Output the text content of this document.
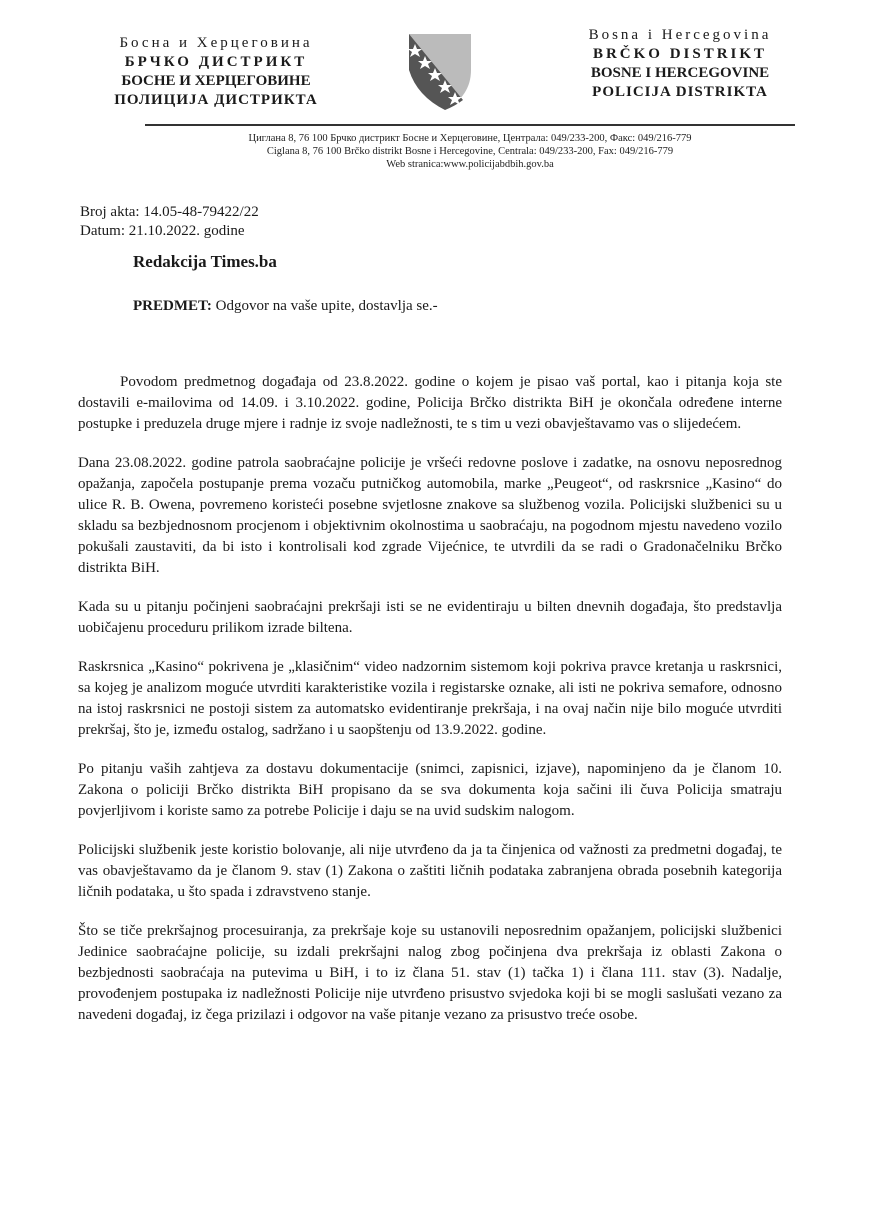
Босна и Херцеговина
БРЧКО ДИСТРИКТ
БОСНЕ И ХЕРЦЕГОВИНЕ
ПОЛИЦИЈА ДИСТРИКТА
Bosna i Hercegovina
BRČKO DISTRIKT
BOSNE I HERCEGOVINE
POLICIJA DISTRIKTA
Циглана 8, 76 100 Брчко дистрикт Босне и Херцеговине, Централа: 049/233-200, Факс: 049/216-779
Ciglana 8, 76 100 Brčko distrikt Bosne i Hercegovine, Centrala: 049/233-200, Fax: 049/216-779
Web stranica:www.policijabdbih.gov.ba
Broj akta: 14.05-48-79422/22
Datum: 21.10.2022. godine
Redakcija Times.ba
PREDMET: Odgovor na vaše upite, dostavlja se.-

Povodom predmetnog događaja od 23.8.2022. godine o kojem je pisao vaš portal, kao i pitanja koja ste dostavili e-mailovima od 14.09. i 3.10.2022. godine, Policija Brčko distrikta BiH je okončala određene interne postupke i preduzela druge mjere i radnje iz svoje nadležnosti, te s tim u vezi obavještavamo vas o slijedećem.

Dana 23.08.2022. godine patrola saobraćajne policije je vršeći redovne poslove i zadatke, na osnovu neposrednog opažanja, započela postupanje prema vozaču putničkog automobila, marke „Peugeot“, od raskrsnice „Kasino“ do ulice R. B. Owena, povremeno koristeći posebne svjetlosne znakove sa službenog vozila. Policijski službenici su u skladu sa bezbjednosnom procjenom i objektivnim okolnostima u saobraćaju, na pogodnom mjestu navedeno vozilo pokušali zaustaviti, da bi isto i kontrolisali kod zgrade Vijećnice, te utvrdili da se radi o Gradonačelniku Brčko distrikta BiH.

Kada su u pitanju počinjeni saobraćajni prekršaji isti se ne evidentiraju u bilten dnevnih događaja, što predstavlja uobičajenu proceduru prilikom izrade biltena.

Raskrsnica „Kasino“ pokrivena je „klasičnim“ video nadzornim sistemom koji pokriva pravce kretanja u raskrsnici, sa kojeg je analizom moguće utvrditi karakteristike vozila i registarske oznake, ali isti ne pokriva semafore, odnosno na istoj raskrsnici ne postoji sistem za automatsko evidentiranje prekršaja, i na ovaj način nije bilo moguće utvrditi prekršaj, što je, između ostalog, sadržano i u saopštenju od 13.9.2022. godine.

Po pitanju vaših zahtjeva za dostavu dokumentacije (snimci, zapisnici, izjave), napominjeno da je članom 10. Zakona o policiji Brčko distrikta BiH propisano da se sva dokumenta koja sačini ili čuva Policija smatraju povjerljivom i koriste samo za potrebe Policije i daju se na uvid sudskim nalogom.

Policijski službenik jeste koristio bolovanje, ali nije utvrđeno da ja ta činjenica od važnosti za predmetni događaj, te vas obavještavamo da je članom 9. stav (1) Zakona o zaštiti ličnih podataka zabranjena obrada posebnih kategorija ličnih podataka, u što spada i zdravstveno stanje.

Što se tiče prekršajnog procesuiranja, za prekršaje koje su ustanovili neposrednim opažanjem, policijski službenici Jedinice saobraćajne policije, su izdali prekršajni nalog zbog počinjena dva prekršaja iz oblasti Zakona o bezbjednosti saobraćaja na putevima u BiH, i to iz člana 51. stav (1) tačka 1) i člana 111. stav (3). Nadalje, provođenjem postupaka iz nadležnosti Policije nije utvrđeno prisustvo svjedoka koji bi se mogli saslušati vezano za navedeni događaj, iz čega prizilazi i odgovor na vaše pitanje vezano za prisustvo treće osobe.
